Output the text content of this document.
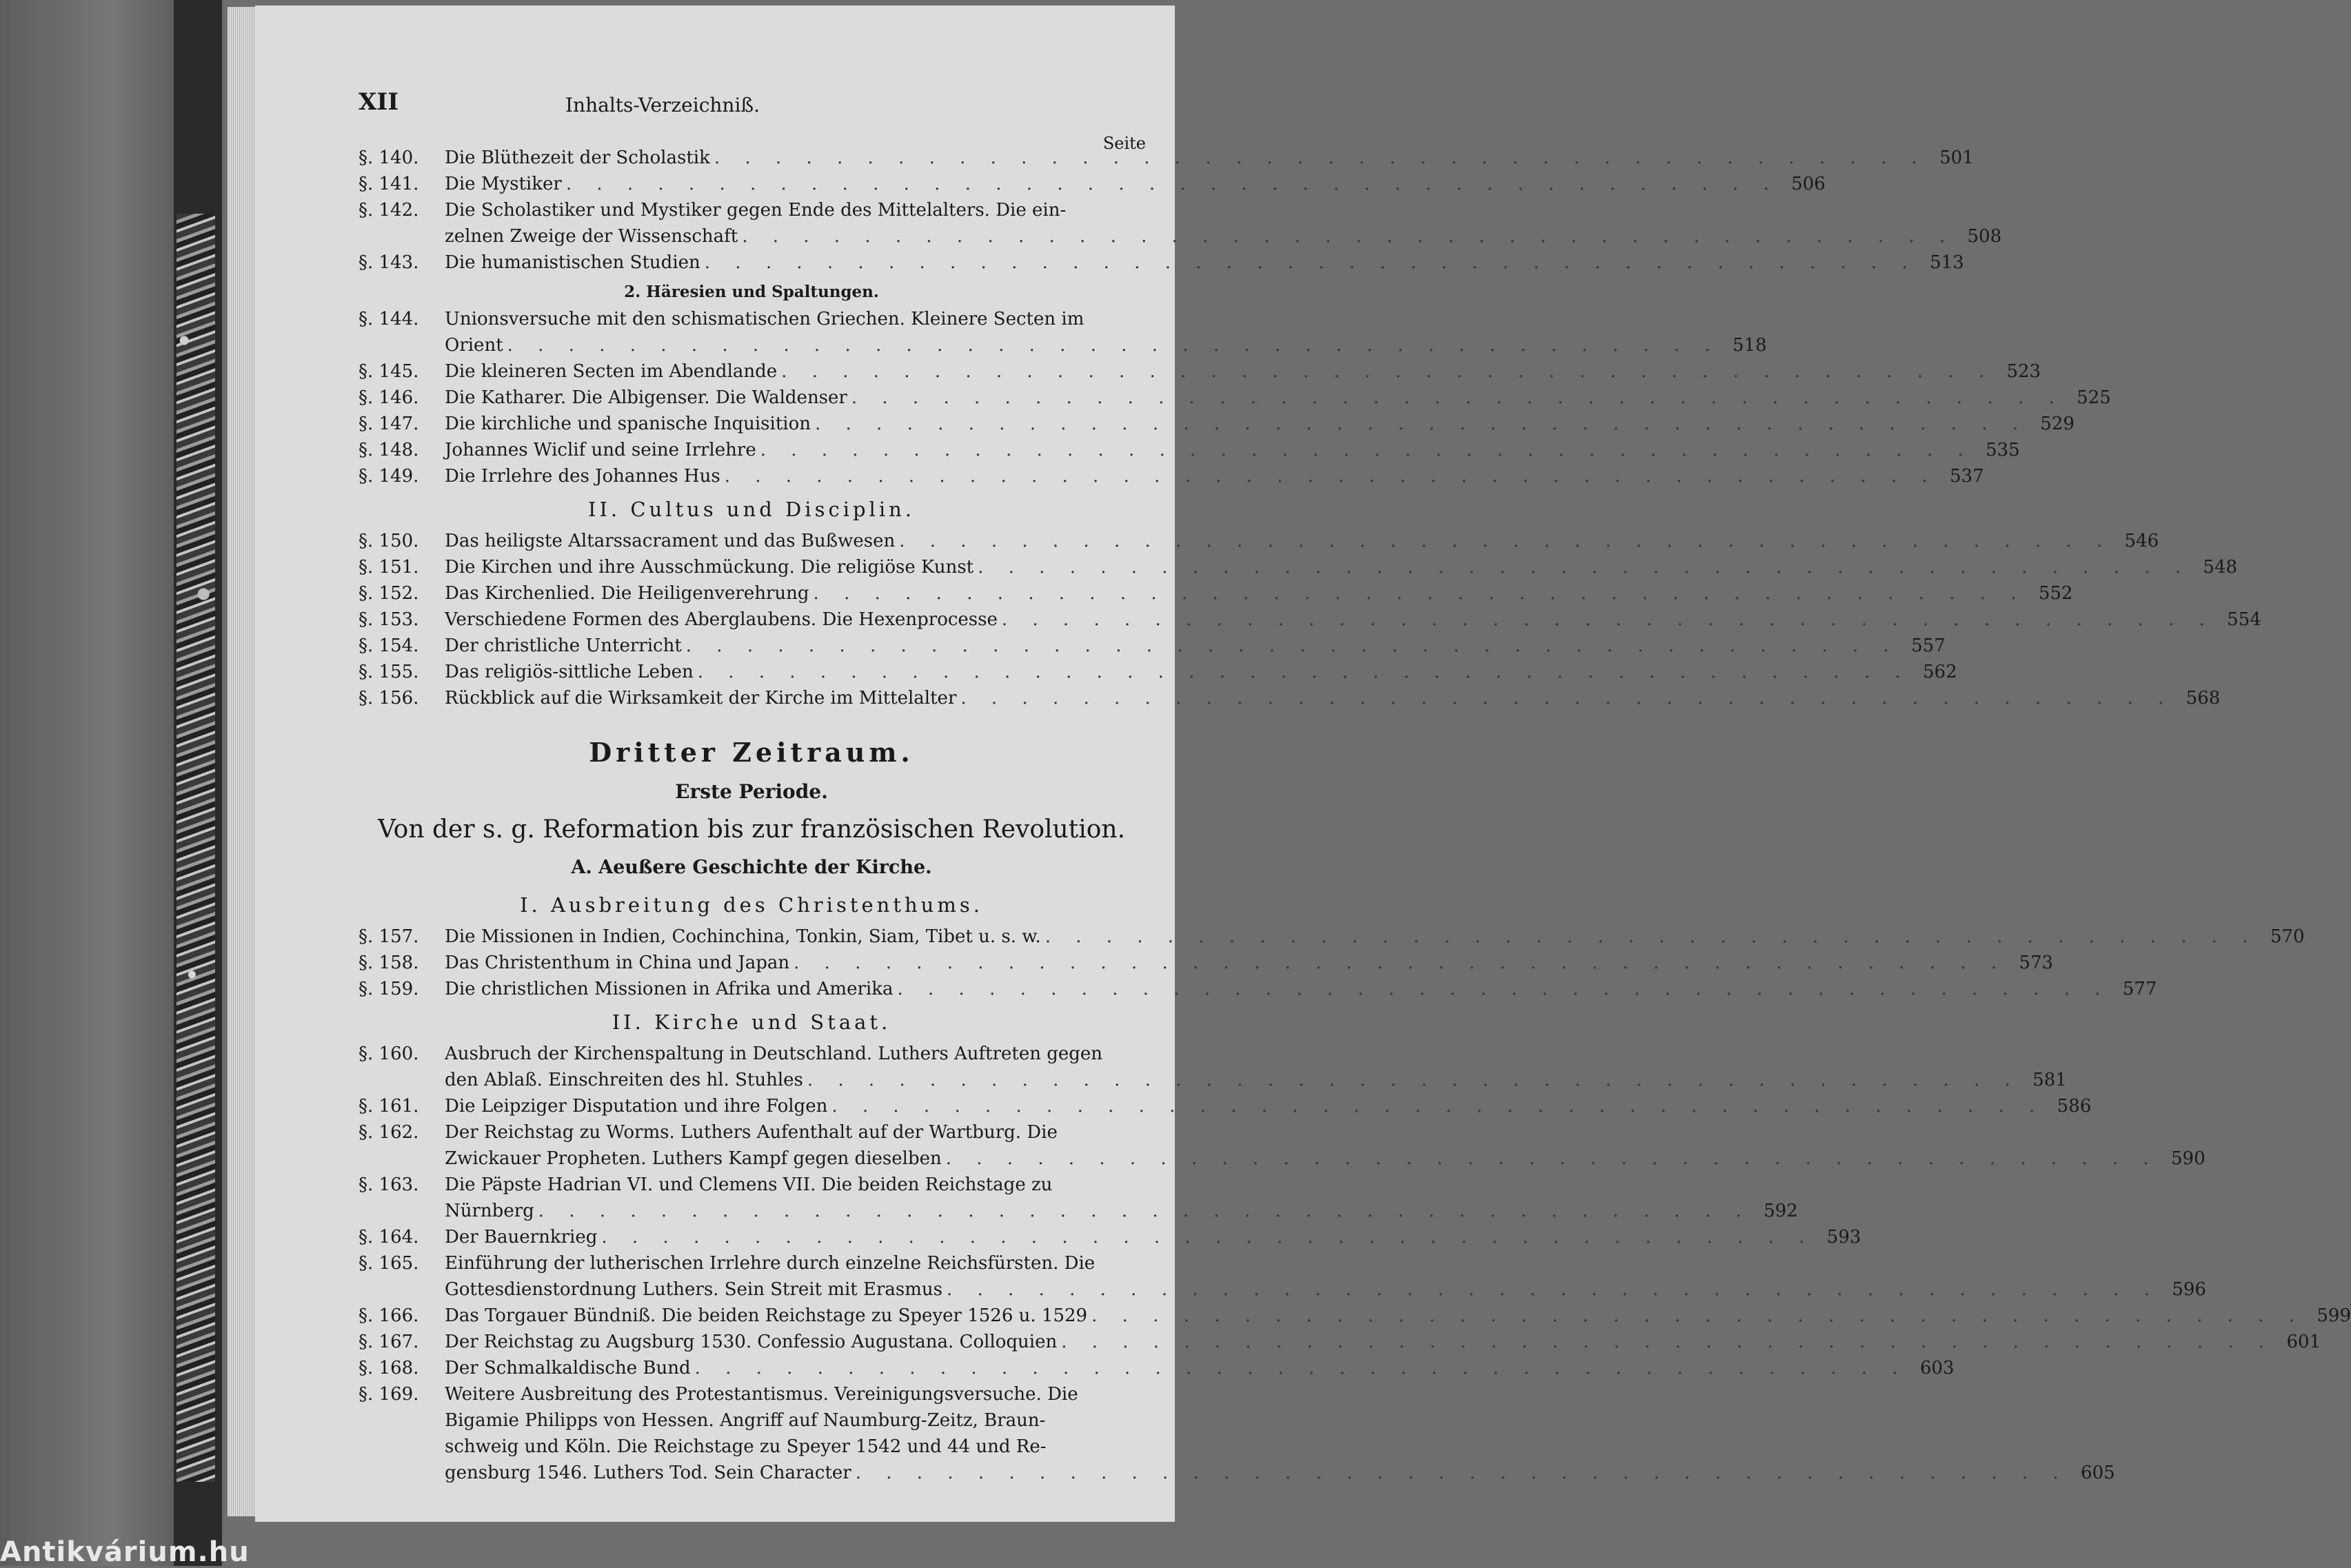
XII	Inhalts-Verzeichniß.
Seite
§. 140.	Die Blüthezeit der Scholastik . . . . . . . . . . . . . . . . . . . . . . . . . . . . . . . . . . . . . . . . 501
§. 141.	Die Mystiker . . . . . . . . . . . . . . . . . . . . . . . . . . . . . . . . . . . . . . . . 506
§. 142.	Die Scholastiker und Mystiker gegen Ende des Mittelalters. Die ein-
zelnen Zweige der Wissenschaft . . . . . . . . . . . . . . . . . . . . . . . . . . . . . . . . . . . . . . . . 508
§. 143.	Die humanistischen Studien . . . . . . . . . . . . . . . . . . . . . . . . . . . . . . . . . . . . . . . . 513
2. Häresien und Spaltungen.
§. 144.	Unionsversuche mit den schismatischen Griechen. Kleinere Secten im
Orient . . . . . . . . . . . . . . . . . . . . . . . . . . . . . . . . . . . . . . . . 518
§. 145.	Die kleineren Secten im Abendlande . . . . . . . . . . . . . . . . . . . . . . . . . . . . . . . . . . . . . . . . 523
§. 146.	Die Katharer. Die Albigenser. Die Waldenser . . . . . . . . . . . . . . . . . . . . . . . . . . . . . . . . . . . . . . . . 525
§. 147.	Die kirchliche und spanische Inquisition . . . . . . . . . . . . . . . . . . . . . . . . . . . . . . . . . . . . . . . . 529
§. 148.	Johannes Wiclif und seine Irrlehre . . . . . . . . . . . . . . . . . . . . . . . . . . . . . . . . . . . . . . . . 535
§. 149.	Die Irrlehre des Johannes Hus . . . . . . . . . . . . . . . . . . . . . . . . . . . . . . . . . . . . . . . . 537
II. Cultus und Disciplin.
§. 150.	Das heiligste Altarssacrament und das Bußwesen . . . . . . . . . . . . . . . . . . . . . . . . . . . . . . . . . . . . . . . . 546
§. 151.	Die Kirchen und ihre Ausschmückung. Die religiöse Kunst . . . . . . . . . . . . . . . . . . . . . . . . . . . . . . . . . . . . . . . . 548
§. 152.	Das Kirchenlied. Die Heiligenverehrung . . . . . . . . . . . . . . . . . . . . . . . . . . . . . . . . . . . . . . . . 552
§. 153.	Verschiedene Formen des Aberglaubens. Die Hexenprocesse . . . . . . . . . . . . . . . . . . . . . . . . . . . . . . . . . . . . . . . . 554
§. 154.	Der christliche Unterricht . . . . . . . . . . . . . . . . . . . . . . . . . . . . . . . . . . . . . . . . 557
§. 155.	Das religiös-sittliche Leben . . . . . . . . . . . . . . . . . . . . . . . . . . . . . . . . . . . . . . . . 562
§. 156.	Rückblick auf die Wirksamkeit der Kirche im Mittelalter . . . . . . . . . . . . . . . . . . . . . . . . . . . . . . . . . . . . . . . . 568
Dritter Zeitraum.
Erste Periode.
Von der s. g. Reformation bis zur französischen Revolution.
A. Aeußere Geschichte der Kirche.
I. Ausbreitung des Christenthums.
§. 157.	Die Missionen in Indien, Cochinchina, Tonkin, Siam, Tibet u. s. w. . . . . . . . . . . . . . . . . . . . . . . . . . . . . . . . . . . . . . . . . 570
§. 158.	Das Christenthum in China und Japan . . . . . . . . . . . . . . . . . . . . . . . . . . . . . . . . . . . . . . . . 573
§. 159.	Die christlichen Missionen in Afrika und Amerika . . . . . . . . . . . . . . . . . . . . . . . . . . . . . . . . . . . . . . . . 577
II. Kirche und Staat.
§. 160.	Ausbruch der Kirchenspaltung in Deutschland. Luthers Auftreten gegen
den Ablaß. Einschreiten des hl. Stuhles . . . . . . . . . . . . . . . . . . . . . . . . . . . . . . . . . . . . . . . . 581
§. 161.	Die Leipziger Disputation und ihre Folgen . . . . . . . . . . . . . . . . . . . . . . . . . . . . . . . . . . . . . . . . 586
§. 162.	Der Reichstag zu Worms. Luthers Aufenthalt auf der Wartburg. Die
Zwickauer Propheten. Luthers Kampf gegen dieselben . . . . . . . . . . . . . . . . . . . . . . . . . . . . . . . . . . . . . . . . 590
§. 163.	Die Päpste Hadrian VI. und Clemens VII. Die beiden Reichstage zu
Nürnberg . . . . . . . . . . . . . . . . . . . . . . . . . . . . . . . . . . . . . . . . 592
§. 164.	Der Bauernkrieg . . . . . . . . . . . . . . . . . . . . . . . . . . . . . . . . . . . . . . . . 593
§. 165.	Einführung der lutherischen Irrlehre durch einzelne Reichsfürsten. Die
Gottesdienstordnung Luthers. Sein Streit mit Erasmus . . . . . . . . . . . . . . . . . . . . . . . . . . . . . . . . . . . . . . . . 596
§. 166.	Das Torgauer Bündniß. Die beiden Reichstage zu Speyer 1526 u. 1529 . . . . . . . . . . . . . . . . . . . . . . . . . . . . . . . . . . . . . . . . 599
§. 167.	Der Reichstag zu Augsburg 1530. Confessio Augustana. Colloquien . . . . . . . . . . . . . . . . . . . . . . . . . . . . . . . . . . . . . . . . 601
§. 168.	Der Schmalkaldische Bund . . . . . . . . . . . . . . . . . . . . . . . . . . . . . . . . . . . . . . . . 603
§. 169.	Weitere Ausbreitung des Protestantismus. Vereinigungsversuche. Die
Bigamie Philipps von Hessen. Angriff auf Naumburg-Zeitz, Braun-
schweig und Köln. Die Reichstage zu Speyer 1542 und 44 und Re-
gensburg 1546. Luthers Tod. Sein Character . . . . . . . . . . . . . . . . . . . . . . . . . . . . . . . . . . . . . . . . 605
Antikvárium.hu
